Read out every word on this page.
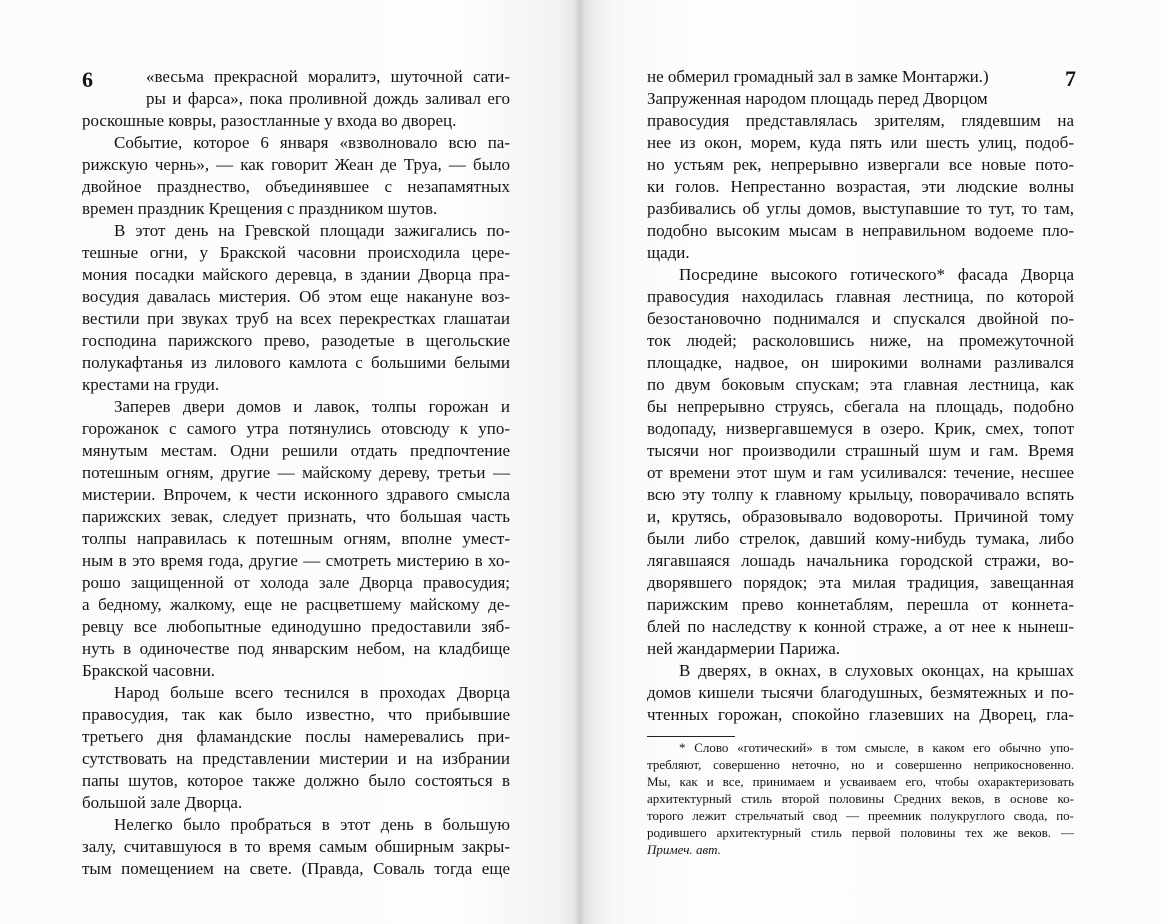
6	7
«весьма прекрасной моралитэ, шуточной сати-
ры и фарса», пока проливной дождь заливал его
роскошные ковры, разостланные у входа во дворец.
Событие, которое 6 января «взволновало всю па-
рижскую чернь», — как говорит Жеан де Труа, — было
двойное празднество, объединявшее с незапамятных
времен праздник Крещения с праздником шутов.
В этот день на Гревской площади зажигались по-
тешные огни, у Бракской часовни происходила цере-
мония посадки майского деревца, в здании Дворца пра-
восудия давалась мистерия. Об этом еще накануне воз-
вестили при звуках труб на всех перекрестках глашатаи
господина парижского прево, разодетые в щегольские
полукафтанья из лилового камлота с большими белыми
крестами на груди.
Заперев двери домов и лавок, толпы горожан и
горожанок с самого утра потянулись отовсюду к упо-
мянутым местам. Одни решили отдать предпочтение
потешным огням, другие — майскому дереву, третьи —
мистерии. Впрочем, к чести исконного здравого смысла
парижских зевак, следует признать, что большая часть
толпы направилась к потешным огням, вполне умест-
ным в это время года, другие — смотреть мистерию в хо-
рошо защищенной от холода зале Дворца правосудия;
а бедному, жалкому, еще не расцветшему майскому де-
ревцу все любопытные единодушно предоставили зяб-
нуть в одиночестве под январским небом, на кладбище
Бракской часовни.
Народ больше всего теснился в проходах Дворца
правосудия, так как было известно, что прибывшие
третьего дня фламандские послы намеревались при-
сутствовать на представлении мистерии и на избрании
папы шутов, которое также должно было состояться в
большой зале Дворца.
Нелегко было пробраться в этот день в большую
залу, считавшуюся в то время самым обширным закры-
тым помещением на свете. (Правда, Соваль тогда еще
не обмерил громадный зал в замке Монтаржи.)
Запруженная народом площадь перед Дворцом
правосудия представлялась зрителям, глядевшим на
нее из окон, морем, куда пять или шесть улиц, подоб-
но устьям рек, непрерывно извергали все новые пото-
ки голов. Непрестанно возрастая, эти людские волны
разбивались об углы домов, выступавшие то тут, то там,
подобно высоким мысам в неправильном водоеме пло-
щади.
Посредине высокого готического* фасада Дворца
правосудия находилась главная лестница, по которой
безостановочно поднимался и спускался двойной по-
ток людей; расколовшись ниже, на промежуточной
площадке, надвое, он широкими волнами разливался
по двум боковым спускам; эта главная лестница, как
бы непрерывно струясь, сбегала на площадь, подобно
водопаду, низвергавшемуся в озеро. Крик, смех, топот
тысячи ног производили страшный шум и гам. Время
от времени этот шум и гам усиливался: течение, несшее
всю эту толпу к главному крыльцу, поворачивало вспять
и, крутясь, образовывало водовороты. Причиной тому
были либо стрелок, давший кому-нибудь тумака, либо
лягавшаяся лошадь начальника городской стражи, во-
дворявшего порядок; эта милая традиция, завещанная
парижским прево коннетаблям, перешла от коннета-
блей по наследству к конной страже, а от нее к нынеш-
ней жандармерии Парижа.
В дверях, в окнах, в слуховых оконцах, на крышах
домов кишели тысячи благодушных, безмятежных и по-
чтенных горожан, спокойно глазевших на Дворец, гла-
* Слово «готический» в том смысле, в каком его обычно упо-
требляют, совершенно неточно, но и совершенно неприкосновенно.
Мы, как и все, принимаем и усваиваем его, чтобы охарактеризовать
архитектурный стиль второй половины Средних веков, в основе ко-
торого лежит стрельчатый свод — преемник полукруглого свода, по-
родившего архитектурный стиль первой половины тех же веков. —
Примеч. авт.
